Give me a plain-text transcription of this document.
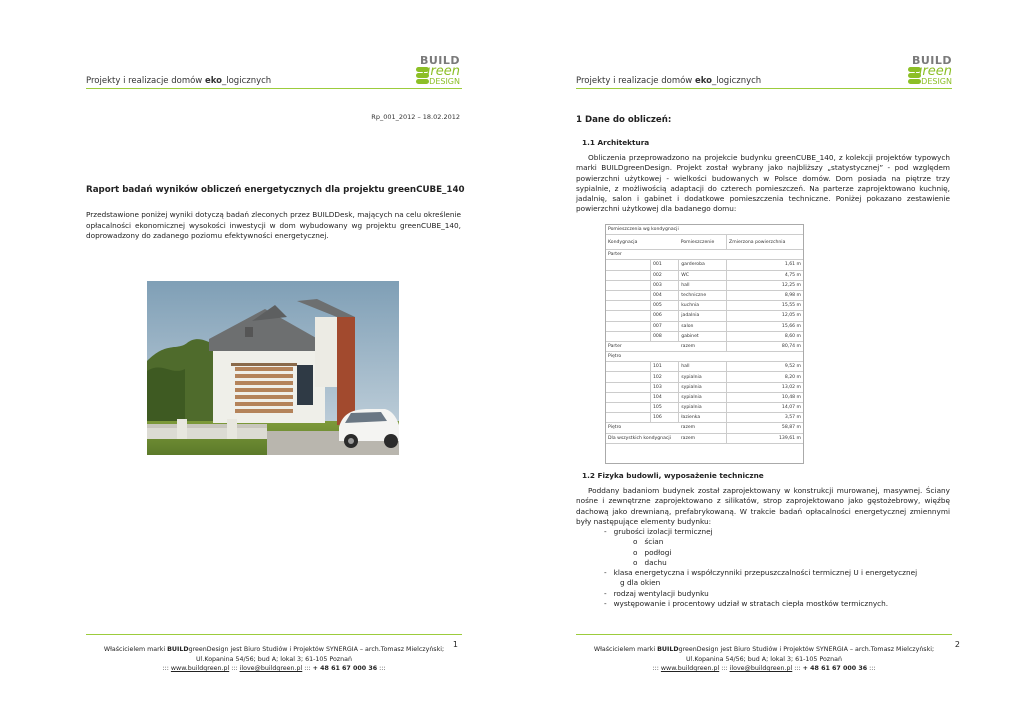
Projekty i realizacje domów eko_logicznych
BUILD
green
DESIGN
Rp_001_2012 – 18.02.2012
Raport badań wyników obliczeń energetycznych dla projektu greenCUBE_140
Przedstawione poniżej wyniki dotyczą badań zleconych przez BUILDDesk, mających na celu określenie opłacalności ekonomicznej wysokości inwestycji w dom wybudowany wg projektu greenCUBE_140, doprowadzony do zadanego poziomu efektywności energetycznej.
1
Właścicielem marki BUILDgreenDesign jest Biuro Studiów i Projektów SYNERGIA – arch.Tomasz Mielczyński;
Ul.Kopanina 54/56; bud A; lokal 3; 61-105 Poznań
::: www.buildgreen.pl ::: ilove@buildgreen.pl ::: + 48 61 67 000 36 :::
Projekty i realizacje domów eko_logicznych
BUILD
green
DESIGN
1 Dane do obliczeń:
1.1 Architektura

Obliczenia przeprowadzono na projekcie budynku greenCUBE_140, z kolekcji projektów typowych marki BUILDgreenDesign. Projekt został wybrany jako najbliższy „statystycznej” - pod względem powierzchni użytkowej - wielkości budowanych w Polsce domów. Dom posiada na piętrze trzy sypialnie, z możliwością adaptacji do czterech pomieszczeń. Na parterze zaprojektowano kuchnię, jadalnię, salon i gabinet i dodatkowe pomieszczenia techniczne. Poniżej pokazano zestawienie powierzchni użytkowej dla badanego domu:

Pomieszczenia wg kondygnacji			
Kondygnacja		Pomieszczenie	Zmierzona powierzchnia
Parter			
	001	garderoba	1,61 m
	002	WC	4,75 m
	003	hall	12,25 m
	004	techniczne	8,98 m
	005	kuchnia	15,55 m
	006	jadalnia	12,05 m
	007	salon	15,66 m
	008	gabinet	8,60 m
Parter		razem	80,74 m
Piętro			
	101	hall	9,52 m
	102	sypialnia	8,20 m
	103	sypialnia	13,02 m
	104	sypialnia	10,48 m
	105	sypialnia	14,07 m
	106	łazienka	3,57 m
Piętro		razem	58,87 m
Dla wszystkich kondygnacji		razem	139,61 m
1.2 Fizyka budowli, wyposażenie techniczne

Poddany badaniom budynek został zaprojektowany w konstrukcji murowanej, masywnej. Ściany nośne i zewnętrzne zaprojektowano z silikatów, strop zaprojektowano jako gęstożebrowy, więźbę dachową jako drewnianą, prefabrykowaną. W trakcie badań opłacalności energetycznej zmiennymi były następujące elementy budynku:

-   grubości izolacji termicznej
o   ścian
o   podłogi
o   dachu
-   klasa energetyczna i współczynniki przepuszczalności termicznej U i energetycznej
g dla okien
-   rodzaj wentylacji budynku
-   występowanie i procentowy udział w stratach ciepła mostków termicznych.
2
Właścicielem marki BUILDgreenDesign jest Biuro Studiów i Projektów SYNERGIA – arch.Tomasz Mielczyński;
Ul.Kopanina 54/56; bud A; lokal 3; 61-105 Poznań
::: www.buildgreen.pl ::: ilove@buildgreen.pl ::: + 48 61 67 000 36 :::
